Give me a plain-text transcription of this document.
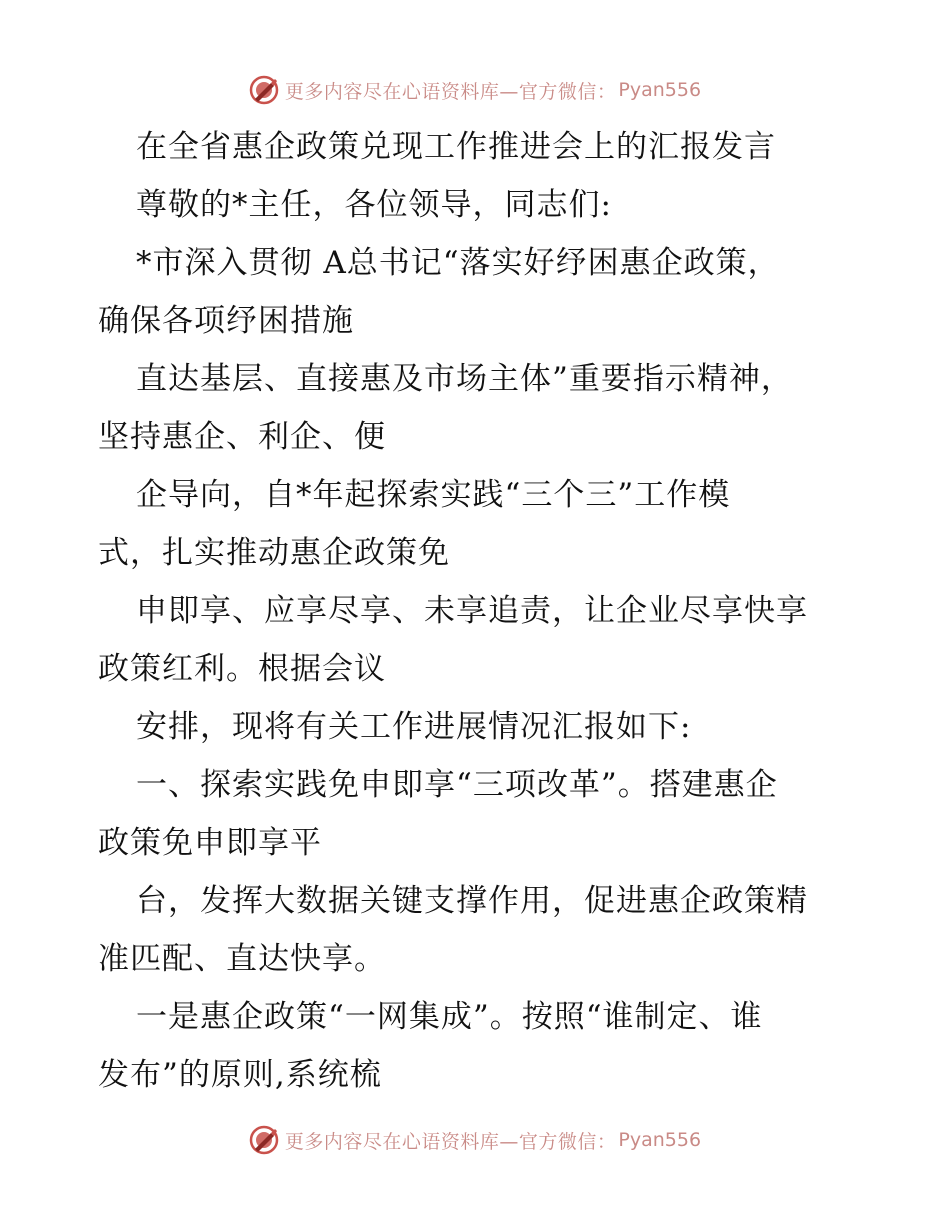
更多内容尽在心语资料库—官方微信： Pyan556
在全省惠企政策兑现工作推进会上的汇报发言
尊敬的*主任，各位领导，同志们:
*市深入贯彻 A总书记“落实好纾困惠企政策，
确保各项纾困措施
直达基层、直接惠及市场主体”重要指示精神，
坚持惠企、利企、便
企导向，自*年起探索实践“三个三”工作模
式，扎实推动惠企政策免
申即享、应享尽享、未享追责，让企业尽享快享
政策红利。根据会议
安排，现将有关工作进展情况汇报如下:
一、探索实践免申即享“三项改革”。搭建惠企
政策免申即享平
台，发挥大数据关键支撑作用，促进惠企政策精
准匹配、直达快享。
一是惠企政策“一网集成”。按照“谁制定、谁
发布”的原则,系统梳
更多内容尽在心语资料库—官方微信： Pyan556
